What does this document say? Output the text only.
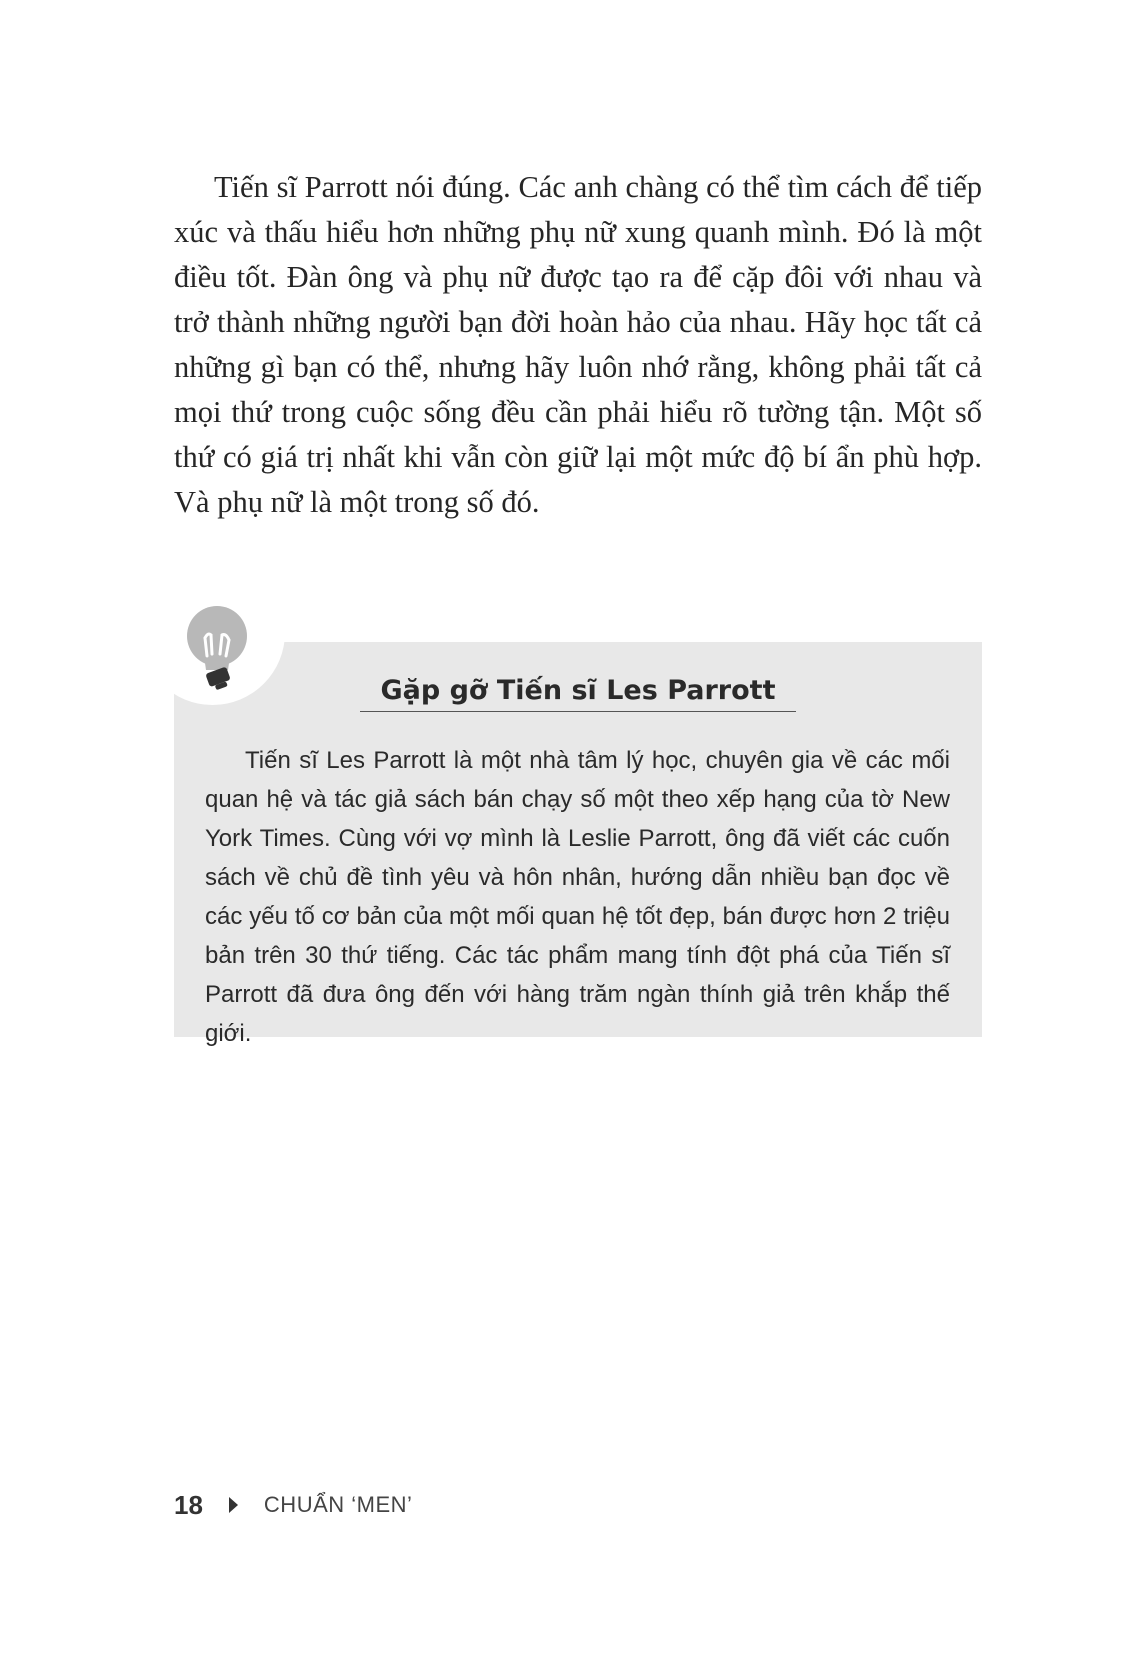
Tiến sĩ Parrott nói đúng. Các anh chàng có thể tìm cách để tiếp xúc và thấu hiểu hơn những phụ nữ xung quanh mình. Đó là một điều tốt. Đàn ông và phụ nữ được tạo ra để cặp đôi với nhau và trở thành những người bạn đời hoàn hảo của nhau. Hãy học tất cả những gì bạn có thể, nhưng hãy luôn nhớ rằng, không phải tất cả mọi thứ trong cuộc sống đều cần phải hiểu rõ tường tận. Một số thứ có giá trị nhất khi vẫn còn giữ lại một mức độ bí ẩn phù hợp. Và phụ nữ là một trong số đó.

Gặp gỡ Tiến sĩ Les Parrott

Tiến sĩ Les Parrott là một nhà tâm lý học, chuyên gia về các mối quan hệ và tác giả sách bán chạy số một theo xếp hạng của tờ New York Times. Cùng với vợ mình là Leslie Parrott, ông đã viết các cuốn sách về chủ đề tình yêu và hôn nhân, hướng dẫn nhiều bạn đọc về các yếu tố cơ bản của một mối quan hệ tốt đẹp, bán được hơn 2 triệu bản trên 30 thứ tiếng. Các tác phẩm mang tính đột phá của Tiến sĩ Parrott đã đưa ông đến với hàng trăm ngàn thính giả trên khắp thế giới.

18	CHUẨN ‘MEN’
